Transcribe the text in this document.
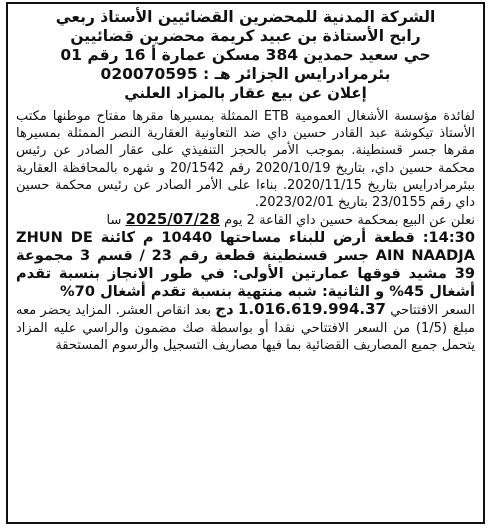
الشركة المدنية للمحضرين القضائيين الأستاذ ربعي

رابح الأستاذة بن عبيد كريمة محضرين قضائيين

حي سعيد حمدين 384 مسكن عمارة أ 16 رقم 01

بئرمرادرايس الجزائر هـ : 020070595

إعلان عن بيع عقار بالمزاد العلني

لفائدة مؤسسة الأشغال العمومية ETB الممثلة بمسيرها مقرها مفتاح موطنها مكتب الأستاذ تيكوشة عبد القادر حسين داي ضد التعاونية العقارية النصر الممثلة بمسيرها مقرها جسر قسنطينة. بموجب الأمر بالحجز التنفيذي على عقار الصادر عن رئيس محكمة حسين داي، بتاريخ 2020/10/19 رقم 20/1542 و شهره بالمحافظة العقارية ببئرمرادرايس بتاريخ 2020/11/15. بناءا على الأمر الصادر عن رئيس محكمة حسين داي رقم 23/0155 بتاريخ 2023/02/01.

نعلن عن البيع بمحكمة حسين داي القاعة 2 يوم 2025/07/28 سا

14:30: قطعة أرض للبناء مساحتها 10440 م كائنة ZHUN DE AIN NAADJA جسر قسنطينة قطعة رقم 23 / قسم 3 مجموعة 39 مشيد فوقها عمارتين الأولى: في طور الانجاز بنسبة تقدم أشغال 45% و الثانية: شبه منتهية بنسبة تقدم أشغال 70%

السعر الافتتاحي 1.016.619.994.37 دج بعد انقاص العشر. المزايد يحضر معه مبلغ (1/5) من السعر الافتتاحي نقدا أو بواسطة صك مضمون والراسي عليه المزاد يتحمل جميع المصاريف القضائية بما فيها مصاريف التسجيل والرسوم المستحقة
